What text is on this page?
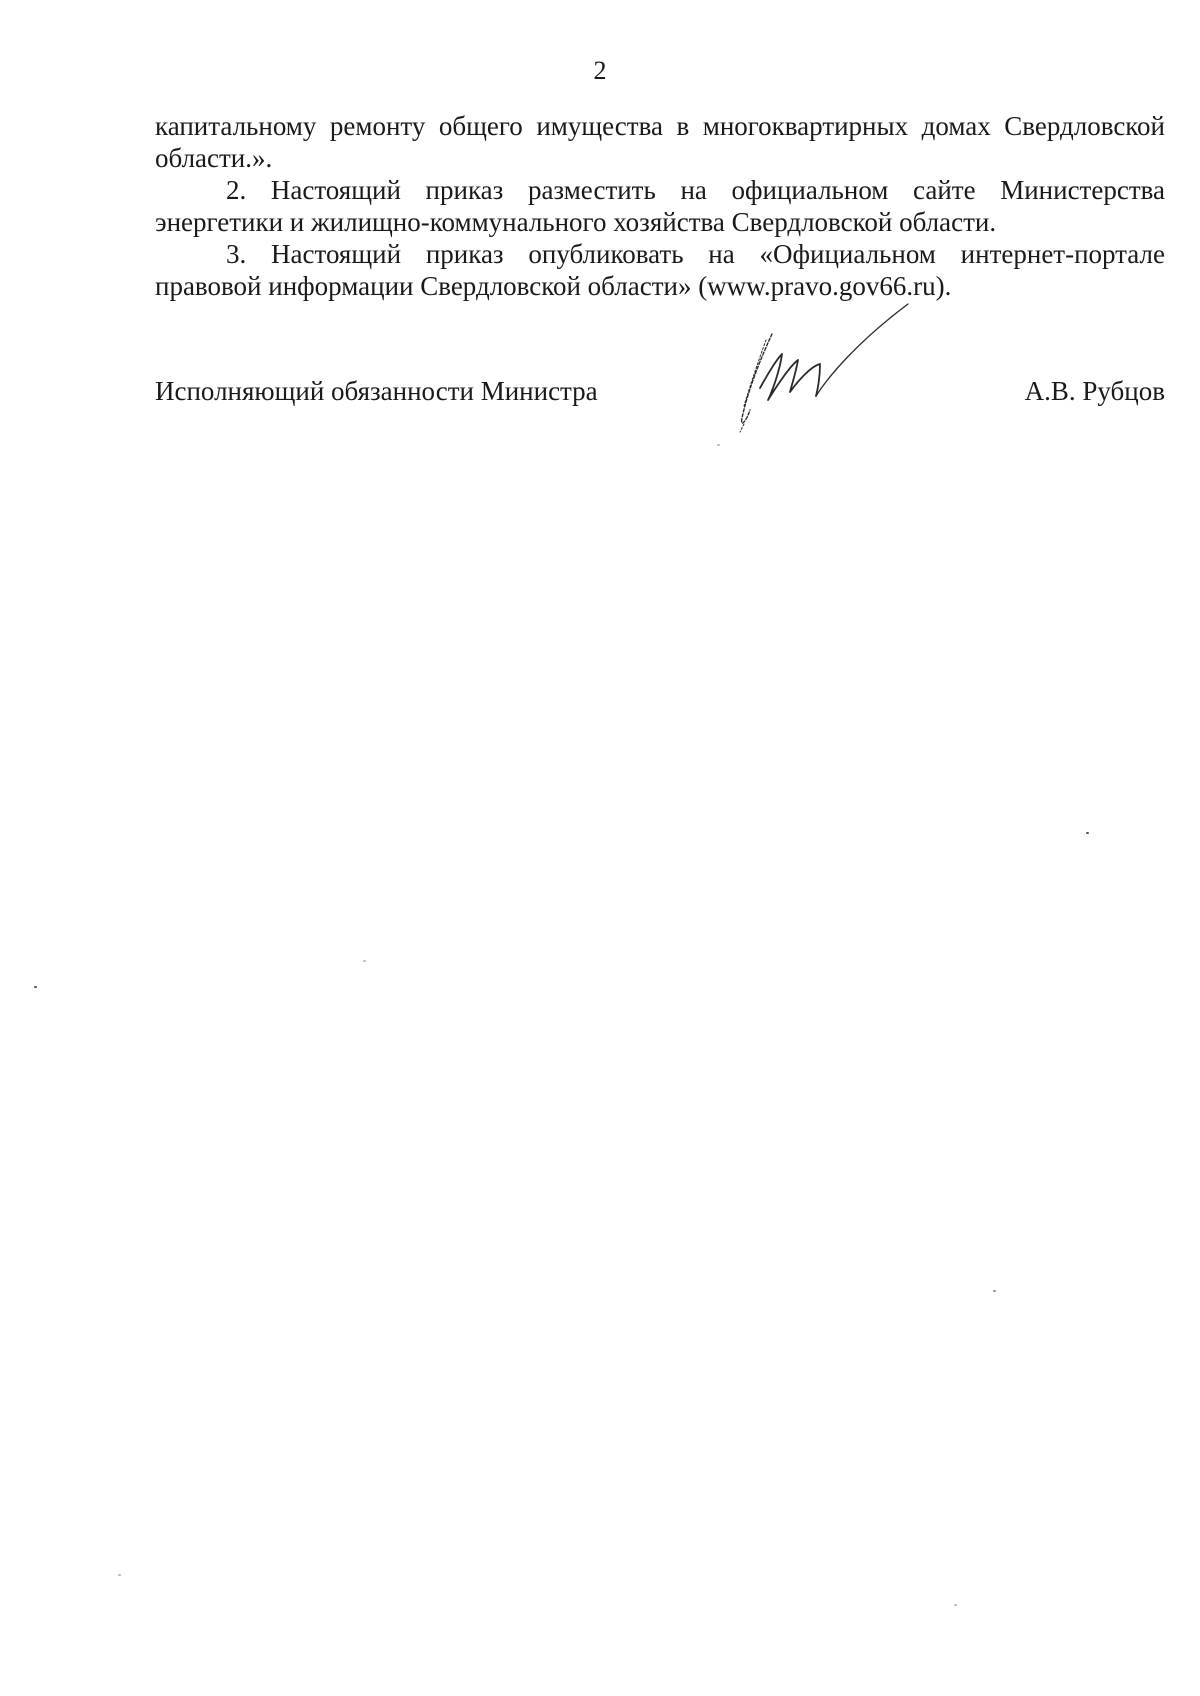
2

капитальному ремонту общего имущества в многоквартирных домах Свердловской области.».

2. Настоящий приказ разместить на официальном сайте Министерства энергетики и жилищно-коммунального хозяйства Свердловской области.

3. Настоящий приказ опубликовать на «Официальном интернет-портале правовой информации Свердловской области» (www.pravo.gov66.ru).

Исполняющий обязанности Министра	А.В. Рубцов
